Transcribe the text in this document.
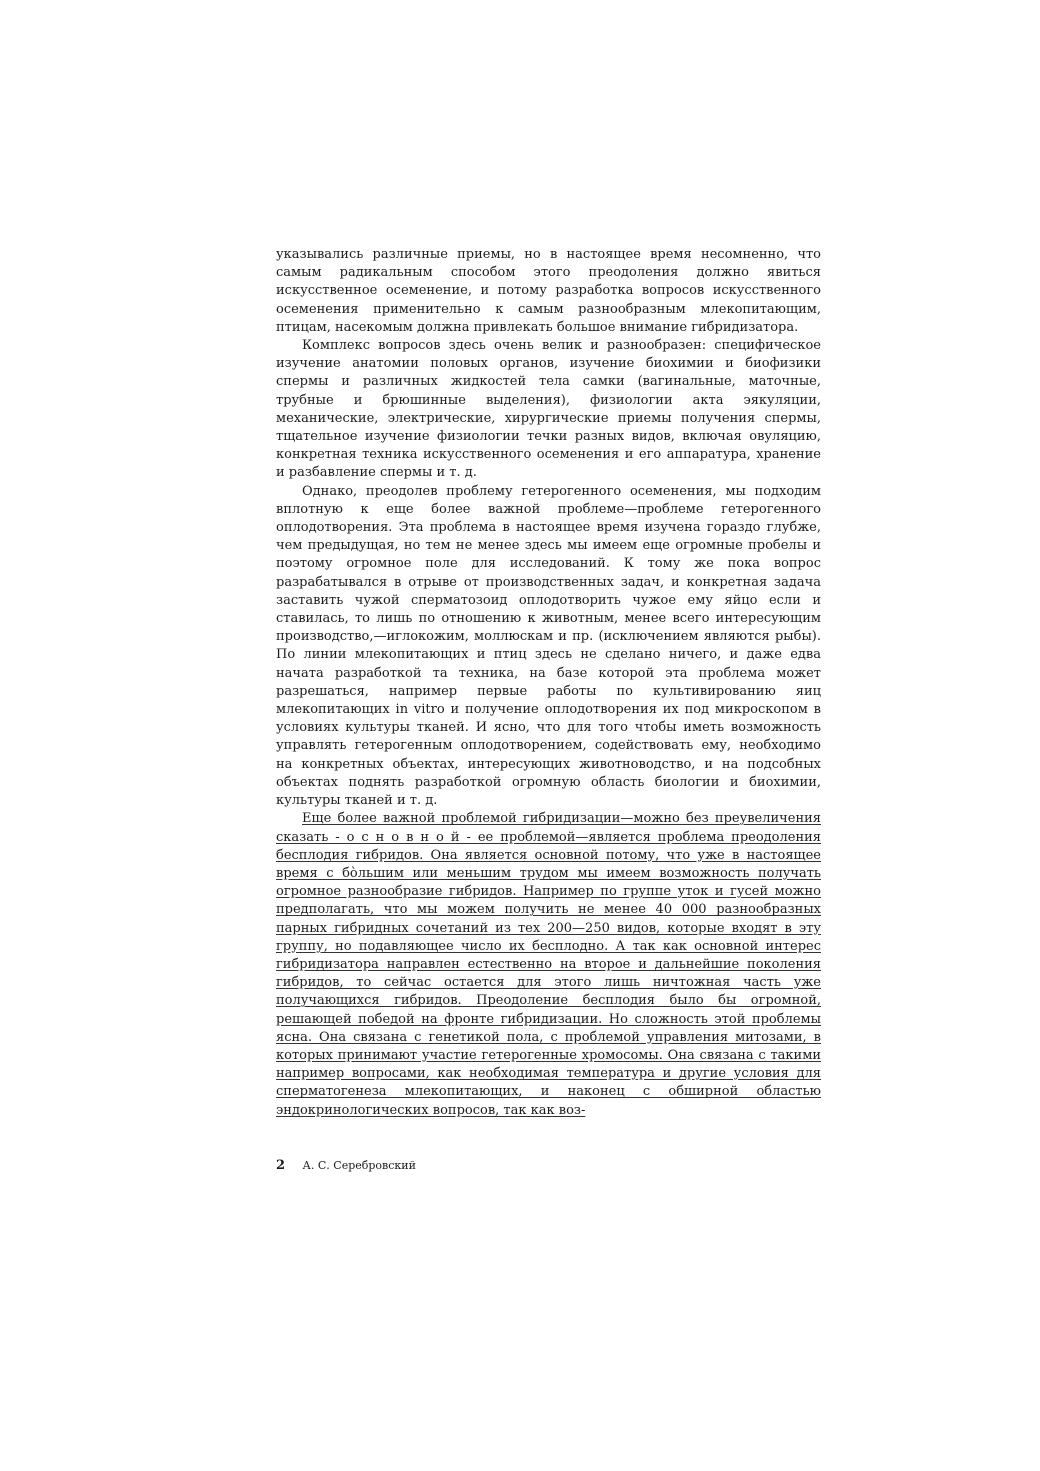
указывались различные приемы, но в настоящее время несомненно, что самым радикальным способом этого преодоления должно явиться искусственное осеменение, и потому разработка вопросов искусственного осеменения применительно к самым разнообразным млекопитающим, птицам, насекомым должна привлекать большое внимание гибридизатора.

Комплекс вопросов здесь очень велик и разнообразен: специфическое изучение анатомии половых органов, изучение биохимии и биофизики спермы и различных жидкостей тела самки (вагинальные, маточные, трубные и брюшинные выделения), физиологии акта эякуляции, механические, электрические, хирургические приемы получения спермы, тщательное изучение физиологии течки разных видов, включая овуляцию, конкретная техника искусственного осеменения и его аппаратура, хранение и разбавление спермы и т. д.

Однако, преодолев проблему гетерогенного осеменения, мы подходим вплотную к еще более важной проблеме—проблеме гетерогенного оплодотворения. Эта проблема в настоящее время изучена гораздо глубже, чем предыдущая, но тем не менее здесь мы имеем еще огромные пробелы и поэтому огромное поле для исследований. К тому же пока вопрос разрабатывался в отрыве от производственных задач, и конкретная задача заставить чужой сперматозоид оплодотворить чужое ему яйцо если и ставилась, то лишь по отношению к животным, менее всего интересующим производство,—иглокожим, моллюскам и пр. (исключением являются рыбы). По линии млекопитающих и птиц здесь не сделано ничего, и даже едва начата разработкой та техника, на базе которой эта проблема может разрешаться, например первые работы по культивированию яиц млекопитающих in vitro и получение оплодотворения их под микроскопом в условиях культуры тканей. И ясно, что для того чтобы иметь возможность управлять гетерогенным оплодотворением, содействовать ему, необходимо на конкретных объектах, интересующих животноводство, и на подсобных объектах поднять разработкой огромную область биологии и биохимии, культуры тканей и т. д.

Еще более важной проблемой гибридизации—можно без преувеличения сказать - о с н о в н о й - ее проблемой—является проблема преодоления бесплодия гибридов. Она является основной потому, что уже в настоящее время с бо̀льшим или меньшим трудом мы имеем возможность получать огромное разнообразие гибридов. Например по группе уток и гусей можно предполагать, что мы можем получить не менее 40 000 разнообразных парных гибридных сочетаний из тех 200—250 видов, которые входят в эту группу, но подавляющее число их бесплодно. А так как основной интерес гибридизатора направлен естественно на второе и дальнейшие поколения гибридов, то сейчас остается для этого лишь ничтожная часть уже получающихся гибридов. Преодоление бесплодия было бы огромной, решающей победой на фронте гибридизации. Но сложность этой проблемы ясна. Она связана с генетикой пола, с проблемой управления митозами, в которых принимают участие гетерогенные хромосомы. Она связана с такими например вопросами, как необходимая температура и другие условия для сперматогенеза млекопитающих, и наконец с обширной областью эндокринологических вопросов, так как воз-

2 А. С. Серебровский
